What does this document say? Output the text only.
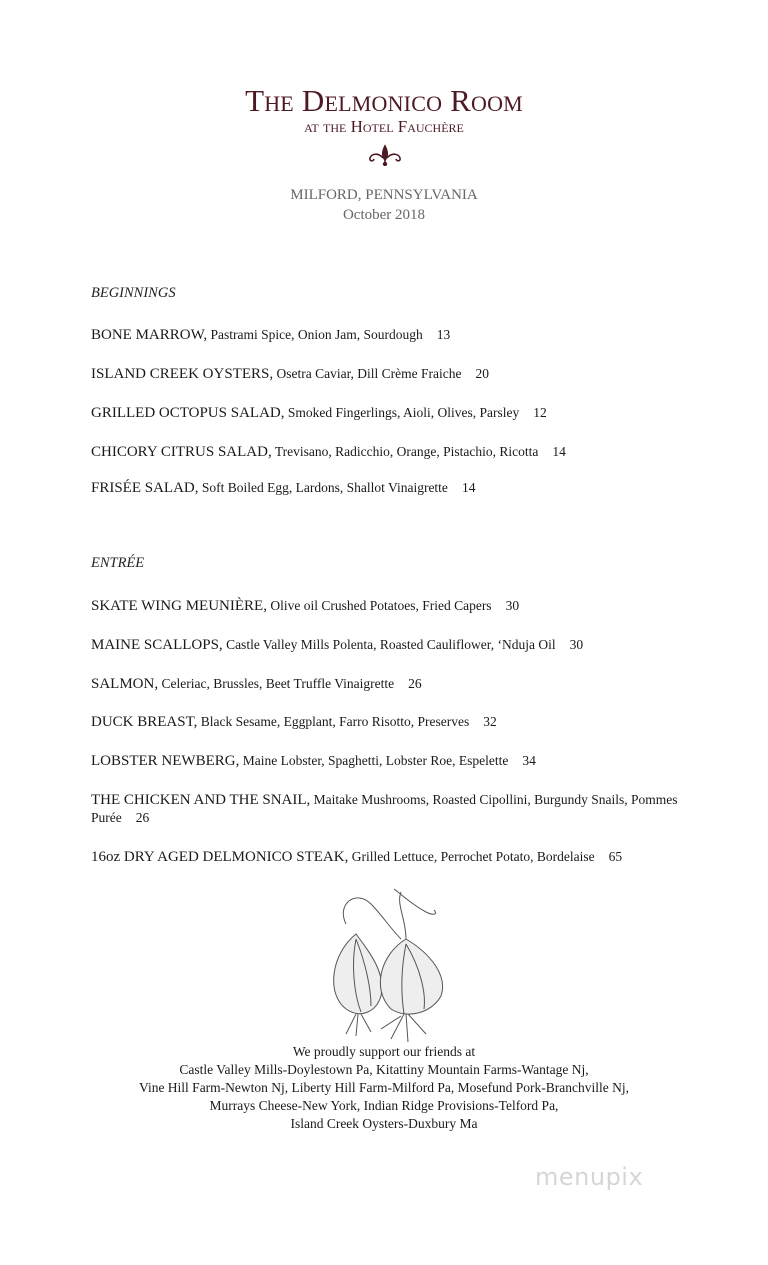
The Delmonico Room
at the Hotel Fauchère
MILFORD, PENNSYLVANIA
October 2018
BEGINNINGS
BONE MARROW, Pastrami Spice, Onion Jam, Sourdough 13
ISLAND CREEK OYSTERS, Osetra Caviar, Dill Crème Fraiche 20
GRILLED OCTOPUS SALAD, Smoked Fingerlings, Aioli, Olives, Parsley 12
CHICORY CITRUS SALAD, Trevisano, Radicchio, Orange, Pistachio, Ricotta 14
FRISÉE SALAD, Soft Boiled Egg, Lardons, Shallot Vinaigrette 14
ENTRÉE
SKATE WING MEUNIÈRE, Olive oil Crushed Potatoes, Fried Capers 30
MAINE SCALLOPS, Castle Valley Mills Polenta, Roasted Cauliflower, ‘Nduja Oil 30
SALMON, Celeriac, Brussles, Beet Truffle Vinaigrette 26
DUCK BREAST, Black Sesame, Eggplant, Farro Risotto, Preserves 32
LOBSTER NEWBERG, Maine Lobster, Spaghetti, Lobster Roe, Espelette 34
THE CHICKEN AND THE SNAIL, Maitake Mushrooms, Roasted Cipollini, Burgundy Snails, Pommes Purée 26
16oz DRY AGED DELMONICO STEAK, Grilled Lettuce, Perrochet Potato, Bordelaise 65
We proudly support our friends at
Castle Valley Mills-Doylestown Pa, Kitattiny Mountain Farms-Wantage Nj,
Vine Hill Farm-Newton Nj, Liberty Hill Farm-Milford Pa, Mosefund Pork-Branchville Nj,
Murrays Cheese-New York, Indian Ridge Provisions-Telford Pa,
Island Creek Oysters-Duxbury Ma
menupix
